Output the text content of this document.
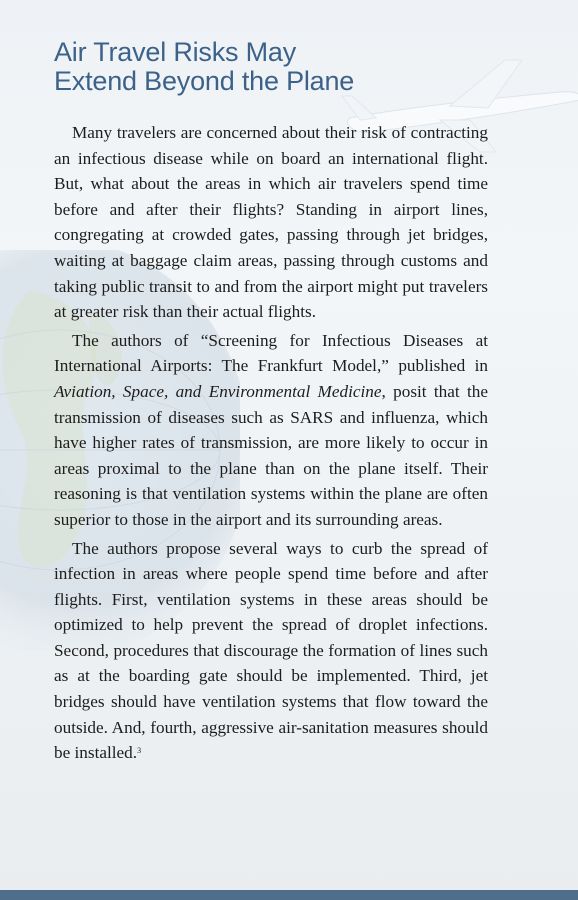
Air Travel Risks May
Extend Beyond the Plane

Many travelers are concerned about their risk of contracting an infectious disease while on board an international flight. But, what about the areas in which air travelers spend time before and after their flights? Standing in airport lines, congregating at crowded gates, passing through jet bridges, waiting at baggage claim areas, passing through customs and taking public transit to and from the airport might put travelers at greater risk than their actual flights.

The authors of “Screening for Infectious Diseases at International Airports: The Frankfurt Model,” published in Aviation, Space, and Environmental Medicine, posit that the transmission of diseases such as SARS and influenza, which have higher rates of transmission, are more likely to occur in areas proximal to the plane than on the plane itself. Their reasoning is that ventilation systems within the plane are often superior to those in the airport and its surrounding areas.

The authors propose several ways to curb the spread of infection in areas where people spend time before and after flights. First, ventilation systems in these areas should be optimized to help prevent the spread of droplet infections. Second, procedures that discourage the formation of lines such as at the boarding gate should be implemented. Third, jet bridges should have ventilation systems that flow toward the outside. And, fourth, aggressive air-sanitation measures should be installed.$^3$
